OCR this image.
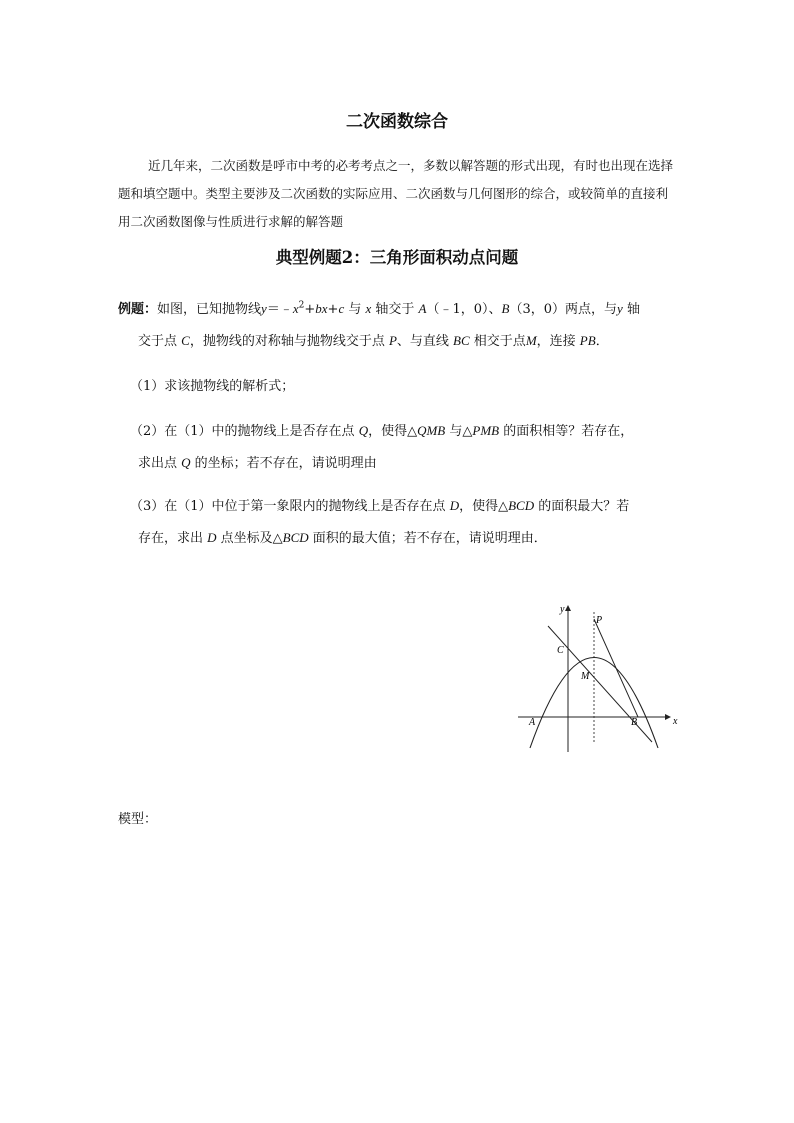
二次函数综合
近几年来，二次函数是呼市中考的必考考点之一，多数以解答题的形式出现，有时也出现在选择题和填空题中。类型主要涉及二次函数的实际应用、二次函数与几何图形的综合，或较简单的直接利用二次函数图像与性质进行求解的解答题
典型例题2：三角形面积动点问题
例题：如图，已知抛物线$y=﹣x^2+bx+c$ 与 x 轴交于 A（﹣1，0）、B（3，0）两点，与y 轴
交于点 C，抛物线的对称轴与抛物线交于点 P、与直线 BC 相交于点M，连接 PB．
（1）求该抛物线的解析式；
（2）在（1）中的抛物线上是否存在点 Q，使得△QMB 与△PMB 的面积相等？若存在，
求出点 Q 的坐标；若不存在，请说明理由
（3）在（1）中位于第一象限内的抛物线上是否存在点 D，使得△BCD 的面积最大？若
存在，求出 D 点坐标及△BCD 面积的最大值；若不存在，请说明理由．
y
x
P
C
M
A	B
模型：
